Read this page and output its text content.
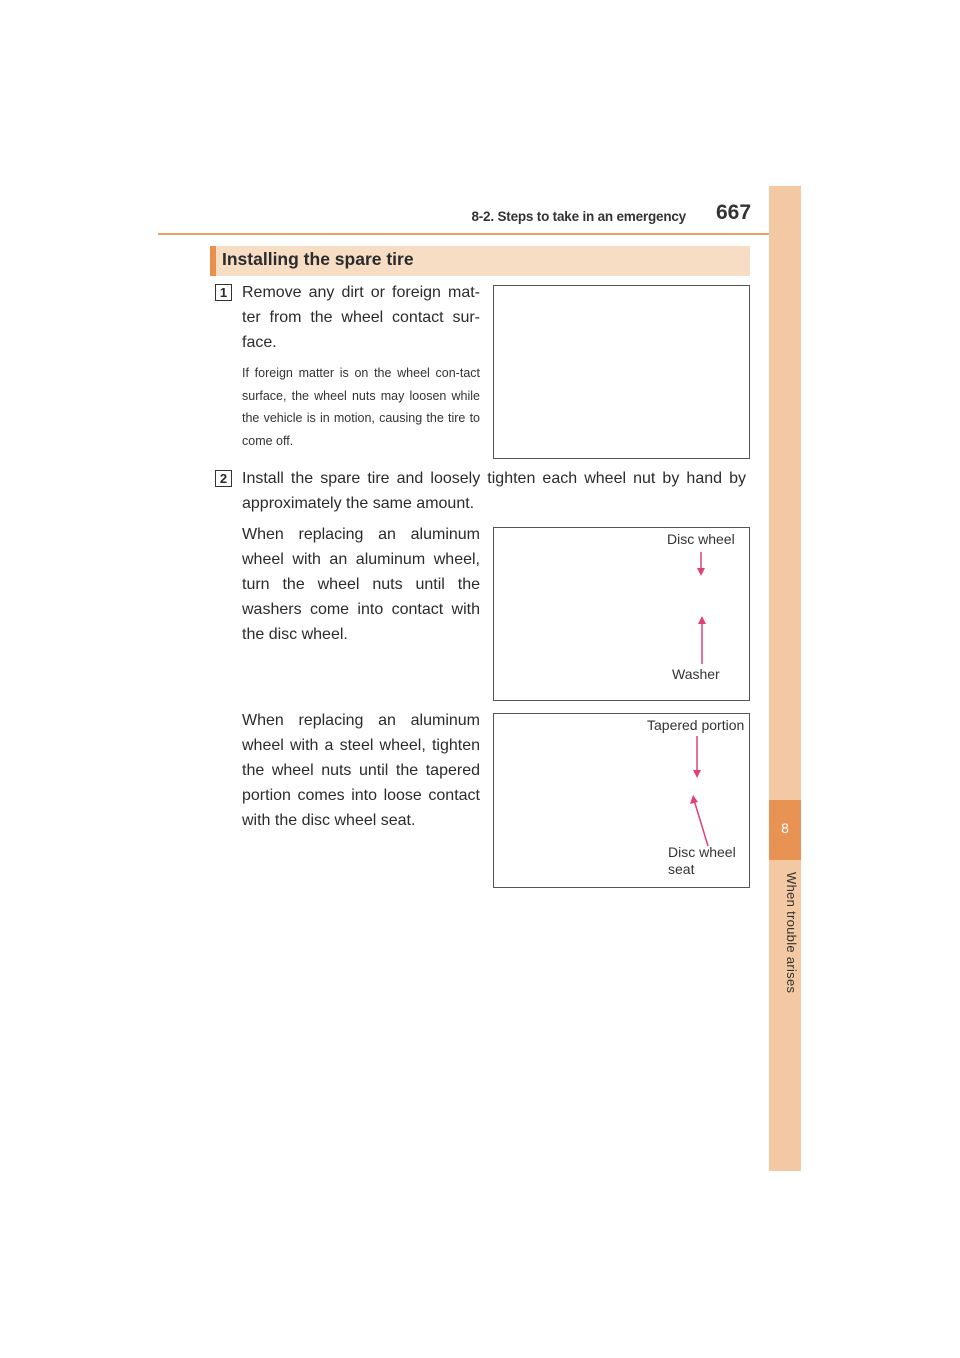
8-2. Steps to take in an emergency 667
8
When trouble arises
Installing the spare tire
1 Remove any dirt or foreign mat-ter from the wheel contact sur-face.
If foreign matter is on the wheel con-tact surface, the wheel nuts may loosen while the vehicle is in motion, causing the tire to come off.
2 Install the spare tire and loosely tighten each wheel nut by hand by approximately the same amount.
When replacing an aluminum wheel with an aluminum wheel, turn the wheel nuts until the washers come into contact with the disc wheel.
When replacing an aluminum wheel with a steel wheel, tighten the wheel nuts until the tapered portion comes into loose contact with the disc wheel seat.
Disc wheel
Washer
Tapered portion
Disc wheel
seat
